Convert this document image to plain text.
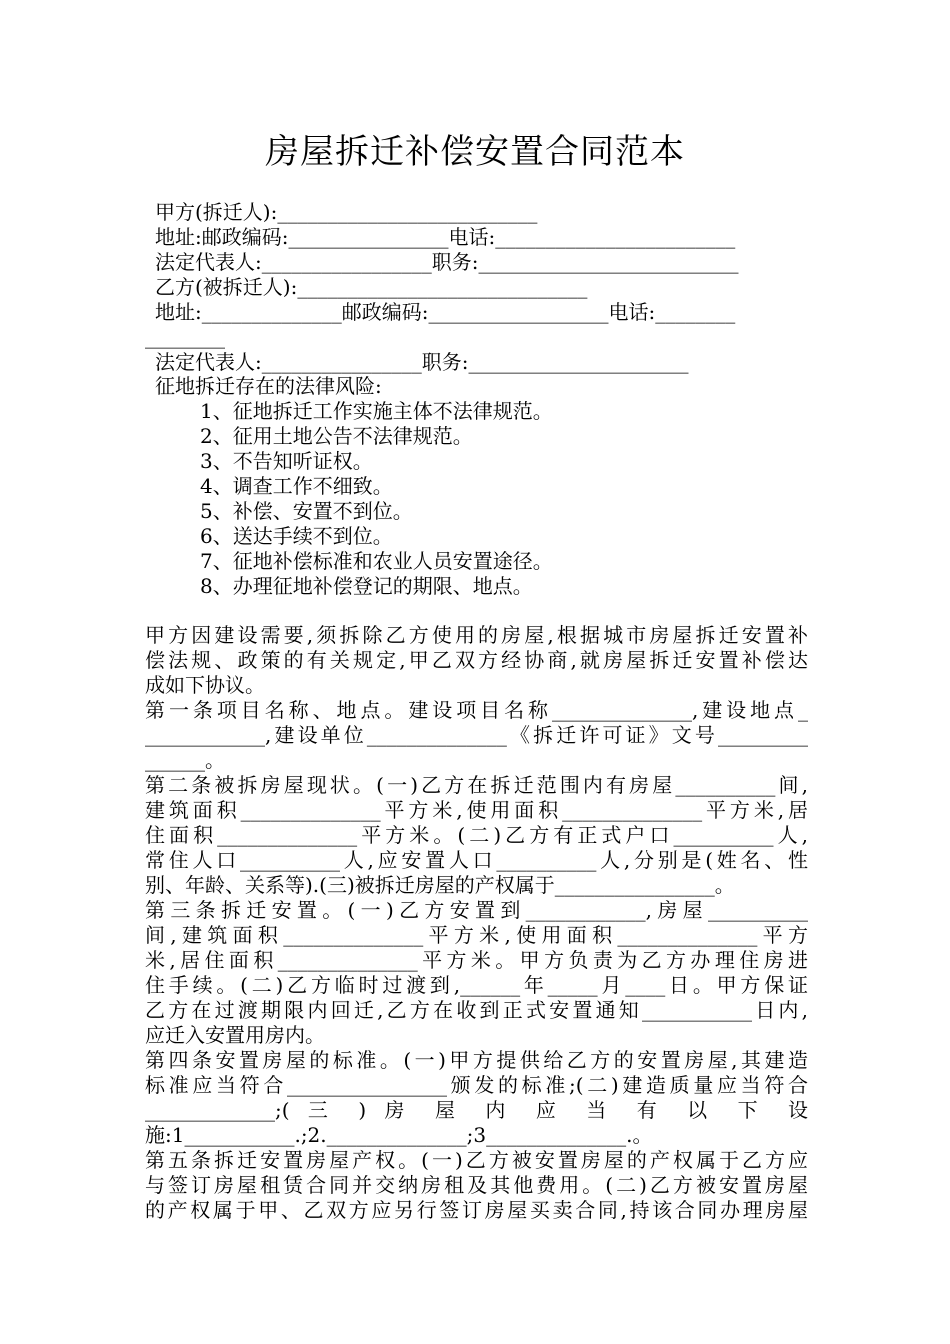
房屋拆迁补偿安置合同范本
甲方(拆迁人):__________________________
地址:邮政编码:________________电话:________________________
法定代表人:_________________职务:__________________________
乙方(被拆迁人):_____________________________
地址:______________邮政编码:__________________电话:________
________
法定代表人:________________职务:______________________
征地拆迁存在的法律风险:
1、征地拆迁工作实施主体不法律规范。
2、征用土地公告不法律规范。
3、不告知听证权。
4、调查工作不细致。
5、补偿、安置不到位。
6、送达手续不到位。
7、征地补偿标准和农业人员安置途径。
8、办理征地补偿登记的期限、地点。
甲方因建设需要,须拆除乙方使用的房屋,根据城市房屋拆迁安置补
偿法规、政策的有关规定,甲乙双方经协商,就房屋拆迁安置补偿达
成如下协议。
第一条项目名称、地点。建设项目名称______________,建设地点_
____________,建设单位______________《拆迁许可证》文号_________
______。
第二条被拆房屋现状。(一)乙方在拆迁范围内有房屋__________间,
建筑面积______________平方米,使用面积______________平方米,居
住面积______________平方米。(二)乙方有正式户口__________人,
常住人口__________人,应安置人口__________人,分别是(姓名、性
别、年龄、关系等).(三)被拆迁房屋的产权属于________________。
第三条拆迁安置。(一)乙方安置到____________,房屋__________
间,建筑面积______________平方米,使用面积______________平方
米,居住面积______________平方米。甲方负责为乙方办理住房进
住手续。(二)乙方临时过渡到,______年_____月____日。甲方保证
乙方在过渡期限内回迁,乙方在收到正式安置通知___________日内,
应迁入安置用房内。
第四条安置房屋的标准。(一)甲方提供给乙方的安置房屋,其建造
标准应当符合________________颁发的标准;(二)建造质量应当符合
_____________;( 三 ) 房 屋 内 应 当 有 以 下 设
施:1___________.;2.______________;3______________.。
第五条拆迁安置房屋产权。(一)乙方被安置房屋的产权属于乙方应
与签订房屋租赁合同并交纳房租及其他费用。(二)乙方被安置房屋
的产权属于甲、乙双方应另行签订房屋买卖合同,持该合同办理房屋
